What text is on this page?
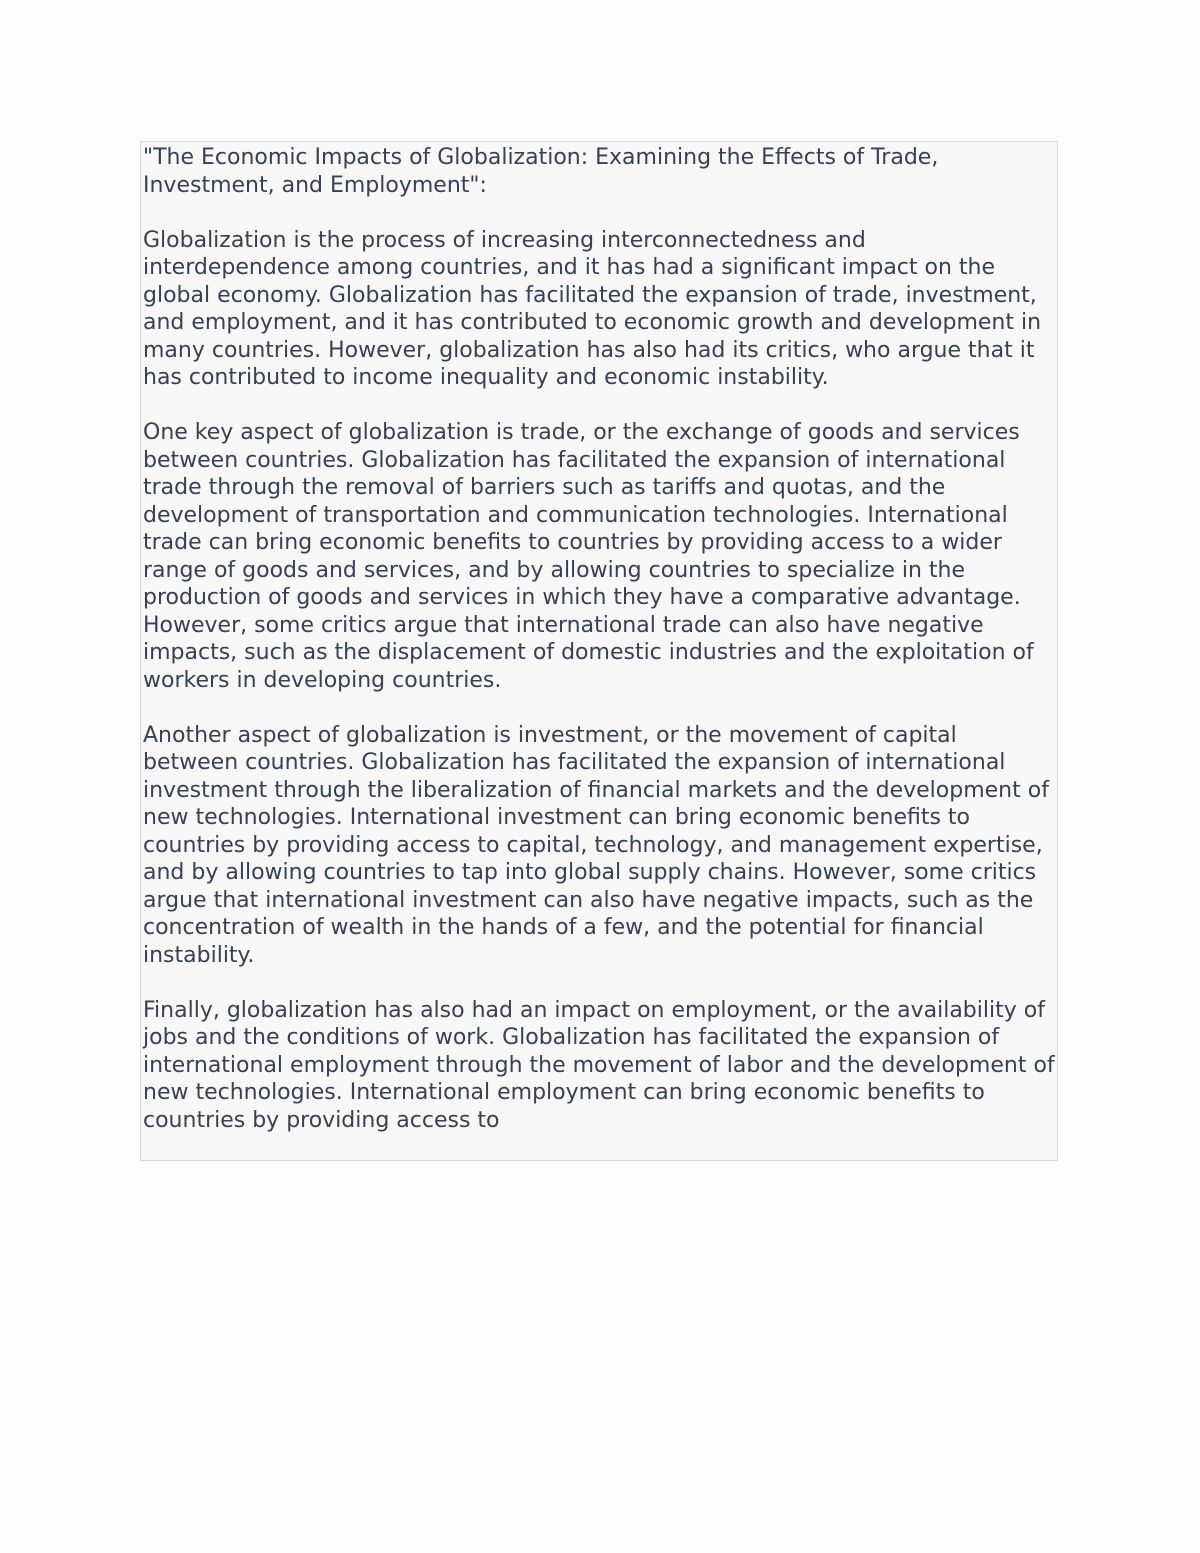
"The Economic Impacts of Globalization: Examining the Effects of Trade, Investment, and Employment":

Globalization is the process of increasing interconnectedness and interdependence among countries, and it has had a significant impact on the global economy. Globalization has facilitated the expansion of trade, investment, and employment, and it has contributed to economic growth and development in many countries. However, globalization has also had its critics, who argue that it has contributed to income inequality and economic instability.

One key aspect of globalization is trade, or the exchange of goods and services between countries. Globalization has facilitated the expansion of international trade through the removal of barriers such as tariffs and quotas, and the development of transportation and communication technologies. International trade can bring economic benefits to countries by providing access to a wider range of goods and services, and by allowing countries to specialize in the production of goods and services in which they have a comparative advantage. However, some critics argue that international trade can also have negative impacts, such as the displacement of domestic industries and the exploitation of workers in developing countries.

Another aspect of globalization is investment, or the movement of capital between countries. Globalization has facilitated the expansion of international investment through the liberalization of financial markets and the development of new technologies. International investment can bring economic benefits to countries by providing access to capital, technology, and management expertise, and by allowing countries to tap into global supply chains. However, some critics argue that international investment can also have negative impacts, such as the concentration of wealth in the hands of a few, and the potential for financial instability.

Finally, globalization has also had an impact on employment, or the availability of jobs and the conditions of work. Globalization has facilitated the expansion of international employment through the movement of labor and the development of new technologies. International employment can bring economic benefits to countries by providing access to
